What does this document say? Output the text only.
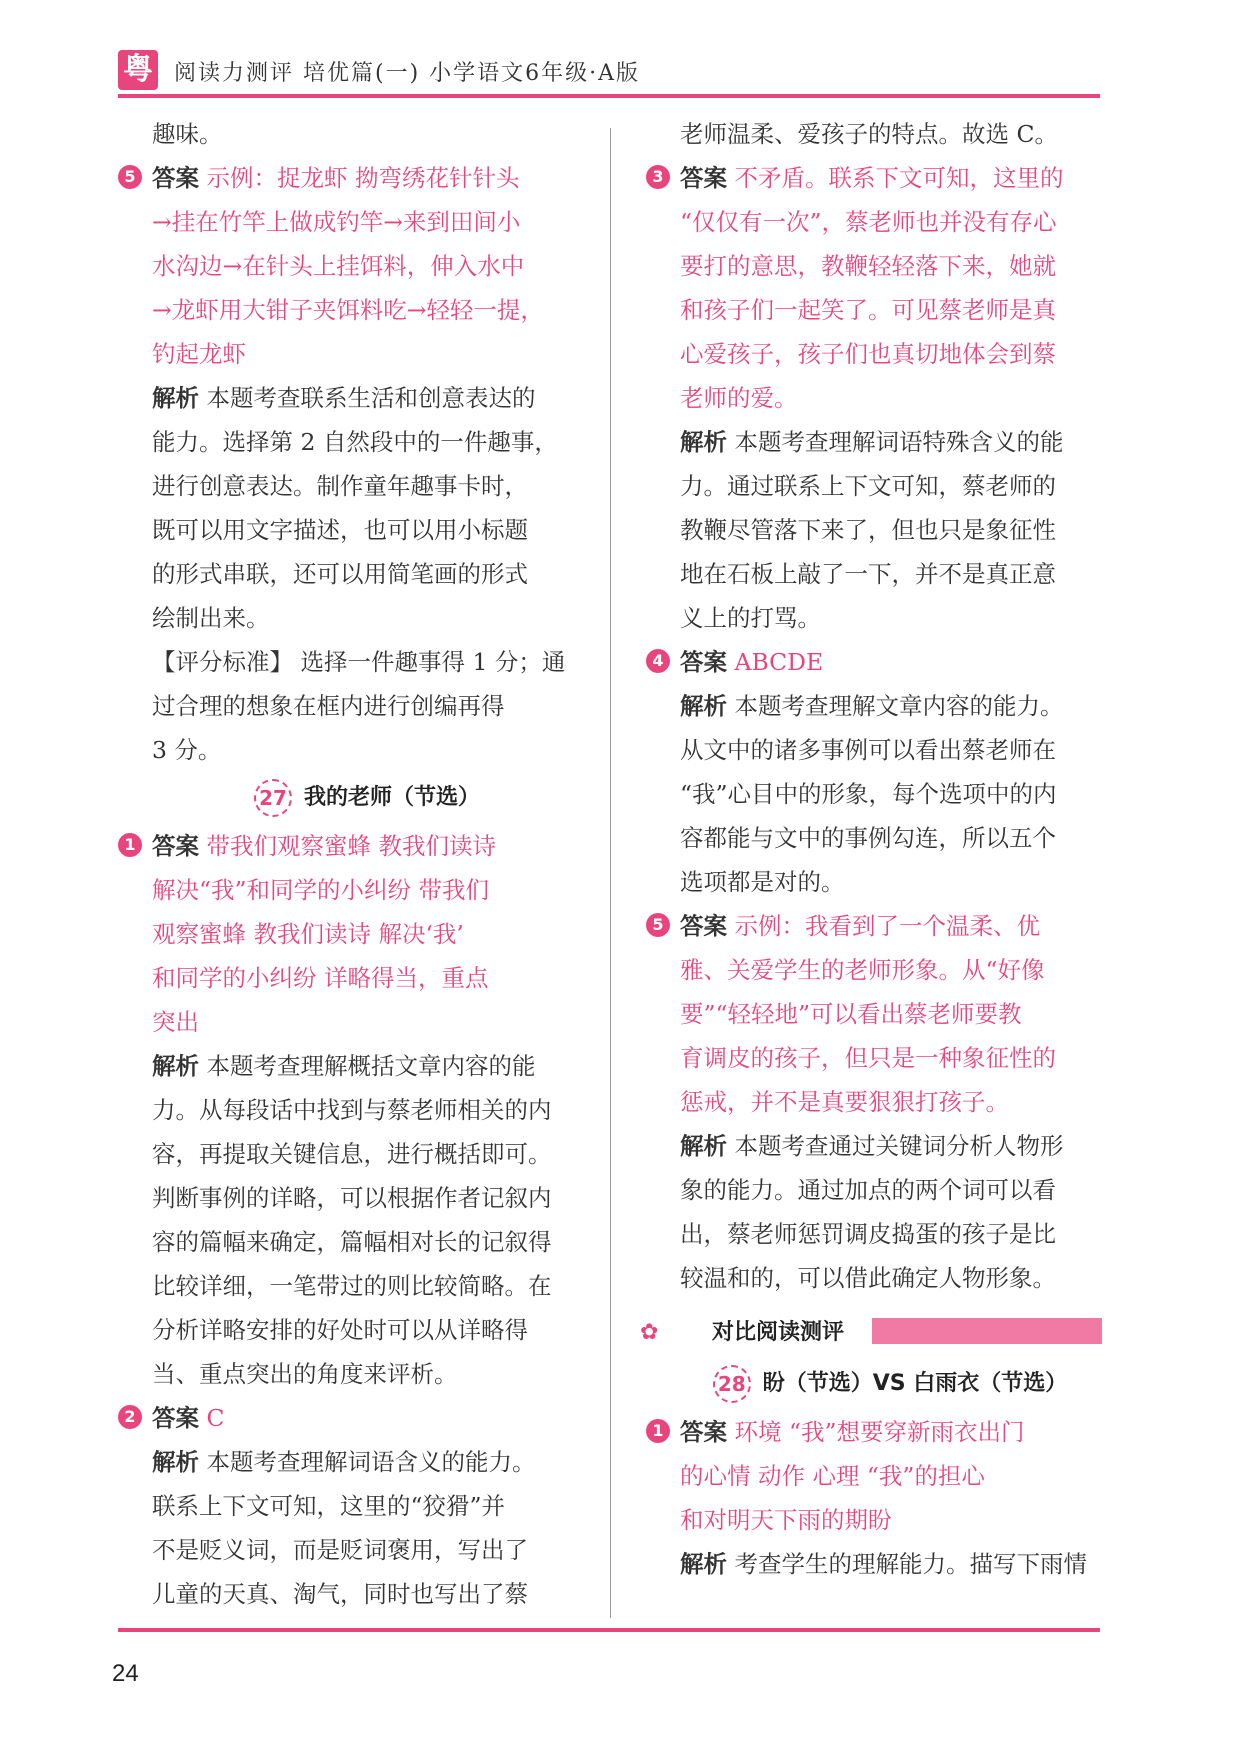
粤 阅读力测评 培优篇(一) 小学语文6年级·A版

趣味。

5 答案 示例：捉龙虾 拗弯绣花针针头

→挂在竹竿上做成钓竿→来到田间小

水沟边→在针头上挂饵料，伸入水中

→龙虾用大钳子夹饵料吃→轻轻一提，

钓起龙虾

解析 本题考查联系生活和创意表达的

能力。选择第 2 自然段中的一件趣事，

进行创意表达。制作童年趣事卡时，

既可以用文字描述，也可以用小标题

的形式串联，还可以用简笔画的形式

绘制出来。

【评分标准】 选择一件趣事得 1 分；通

过合理的想象在框内进行创编再得

3 分。

27 我的老师（节选）

1 答案 带我们观察蜜蜂 教我们读诗

解决“我”和同学的小纠纷 带我们

观察蜜蜂 教我们读诗 解决‘我’

和同学的小纠纷 详略得当，重点

突出

解析 本题考查理解概括文章内容的能

力。从每段话中找到与蔡老师相关的内

容，再提取关键信息，进行概括即可。

判断事例的详略，可以根据作者记叙内

容的篇幅来确定，篇幅相对长的记叙得

比较详细，一笔带过的则比较简略。在

分析详略安排的好处时可以从详略得

当、重点突出的角度来评析。

2 答案 C

解析 本题考查理解词语含义的能力。

联系上下文可知，这里的“狡猾”并

不是贬义词，而是贬词褒用，写出了

儿童的天真、淘气，同时也写出了蔡

老师温柔、爱孩子的特点。故选 C。

3 答案 不矛盾。联系下文可知，这里的

“仅仅有一次”，蔡老师也并没有存心

要打的意思，教鞭轻轻落下来，她就

和孩子们一起笑了。可见蔡老师是真

心爱孩子，孩子们也真切地体会到蔡

老师的爱。

解析 本题考查理解词语特殊含义的能

力。通过联系上下文可知，蔡老师的

教鞭尽管落下来了，但也只是象征性

地在石板上敲了一下，并不是真正意

义上的打骂。

4 答案 ABCDE

解析 本题考查理解文章内容的能力。

从文中的诸多事例可以看出蔡老师在

“我”心目中的形象，每个选项中的内

容都能与文中的事例勾连，所以五个

选项都是对的。

5 答案 示例：我看到了一个温柔、优

雅、关爱学生的老师形象。从“好像

要”“轻轻地”可以看出蔡老师要教

育调皮的孩子，但只是一种象征性的

惩戒，并不是真要狠狠打孩子。

解析 本题考查通过关键词分析人物形

象的能力。通过加点的两个词可以看

出，蔡老师惩罚调皮捣蛋的孩子是比

较温和的，可以借此确定人物形象。

✿	对比阅读测评
28 盼（节选）VS 白雨衣（节选）

1 答案 环境 “我”想要穿新雨衣出门

的心情 动作 心理 “我”的担心

和对明天下雨的期盼

解析 考查学生的理解能力。描写下雨情

24
